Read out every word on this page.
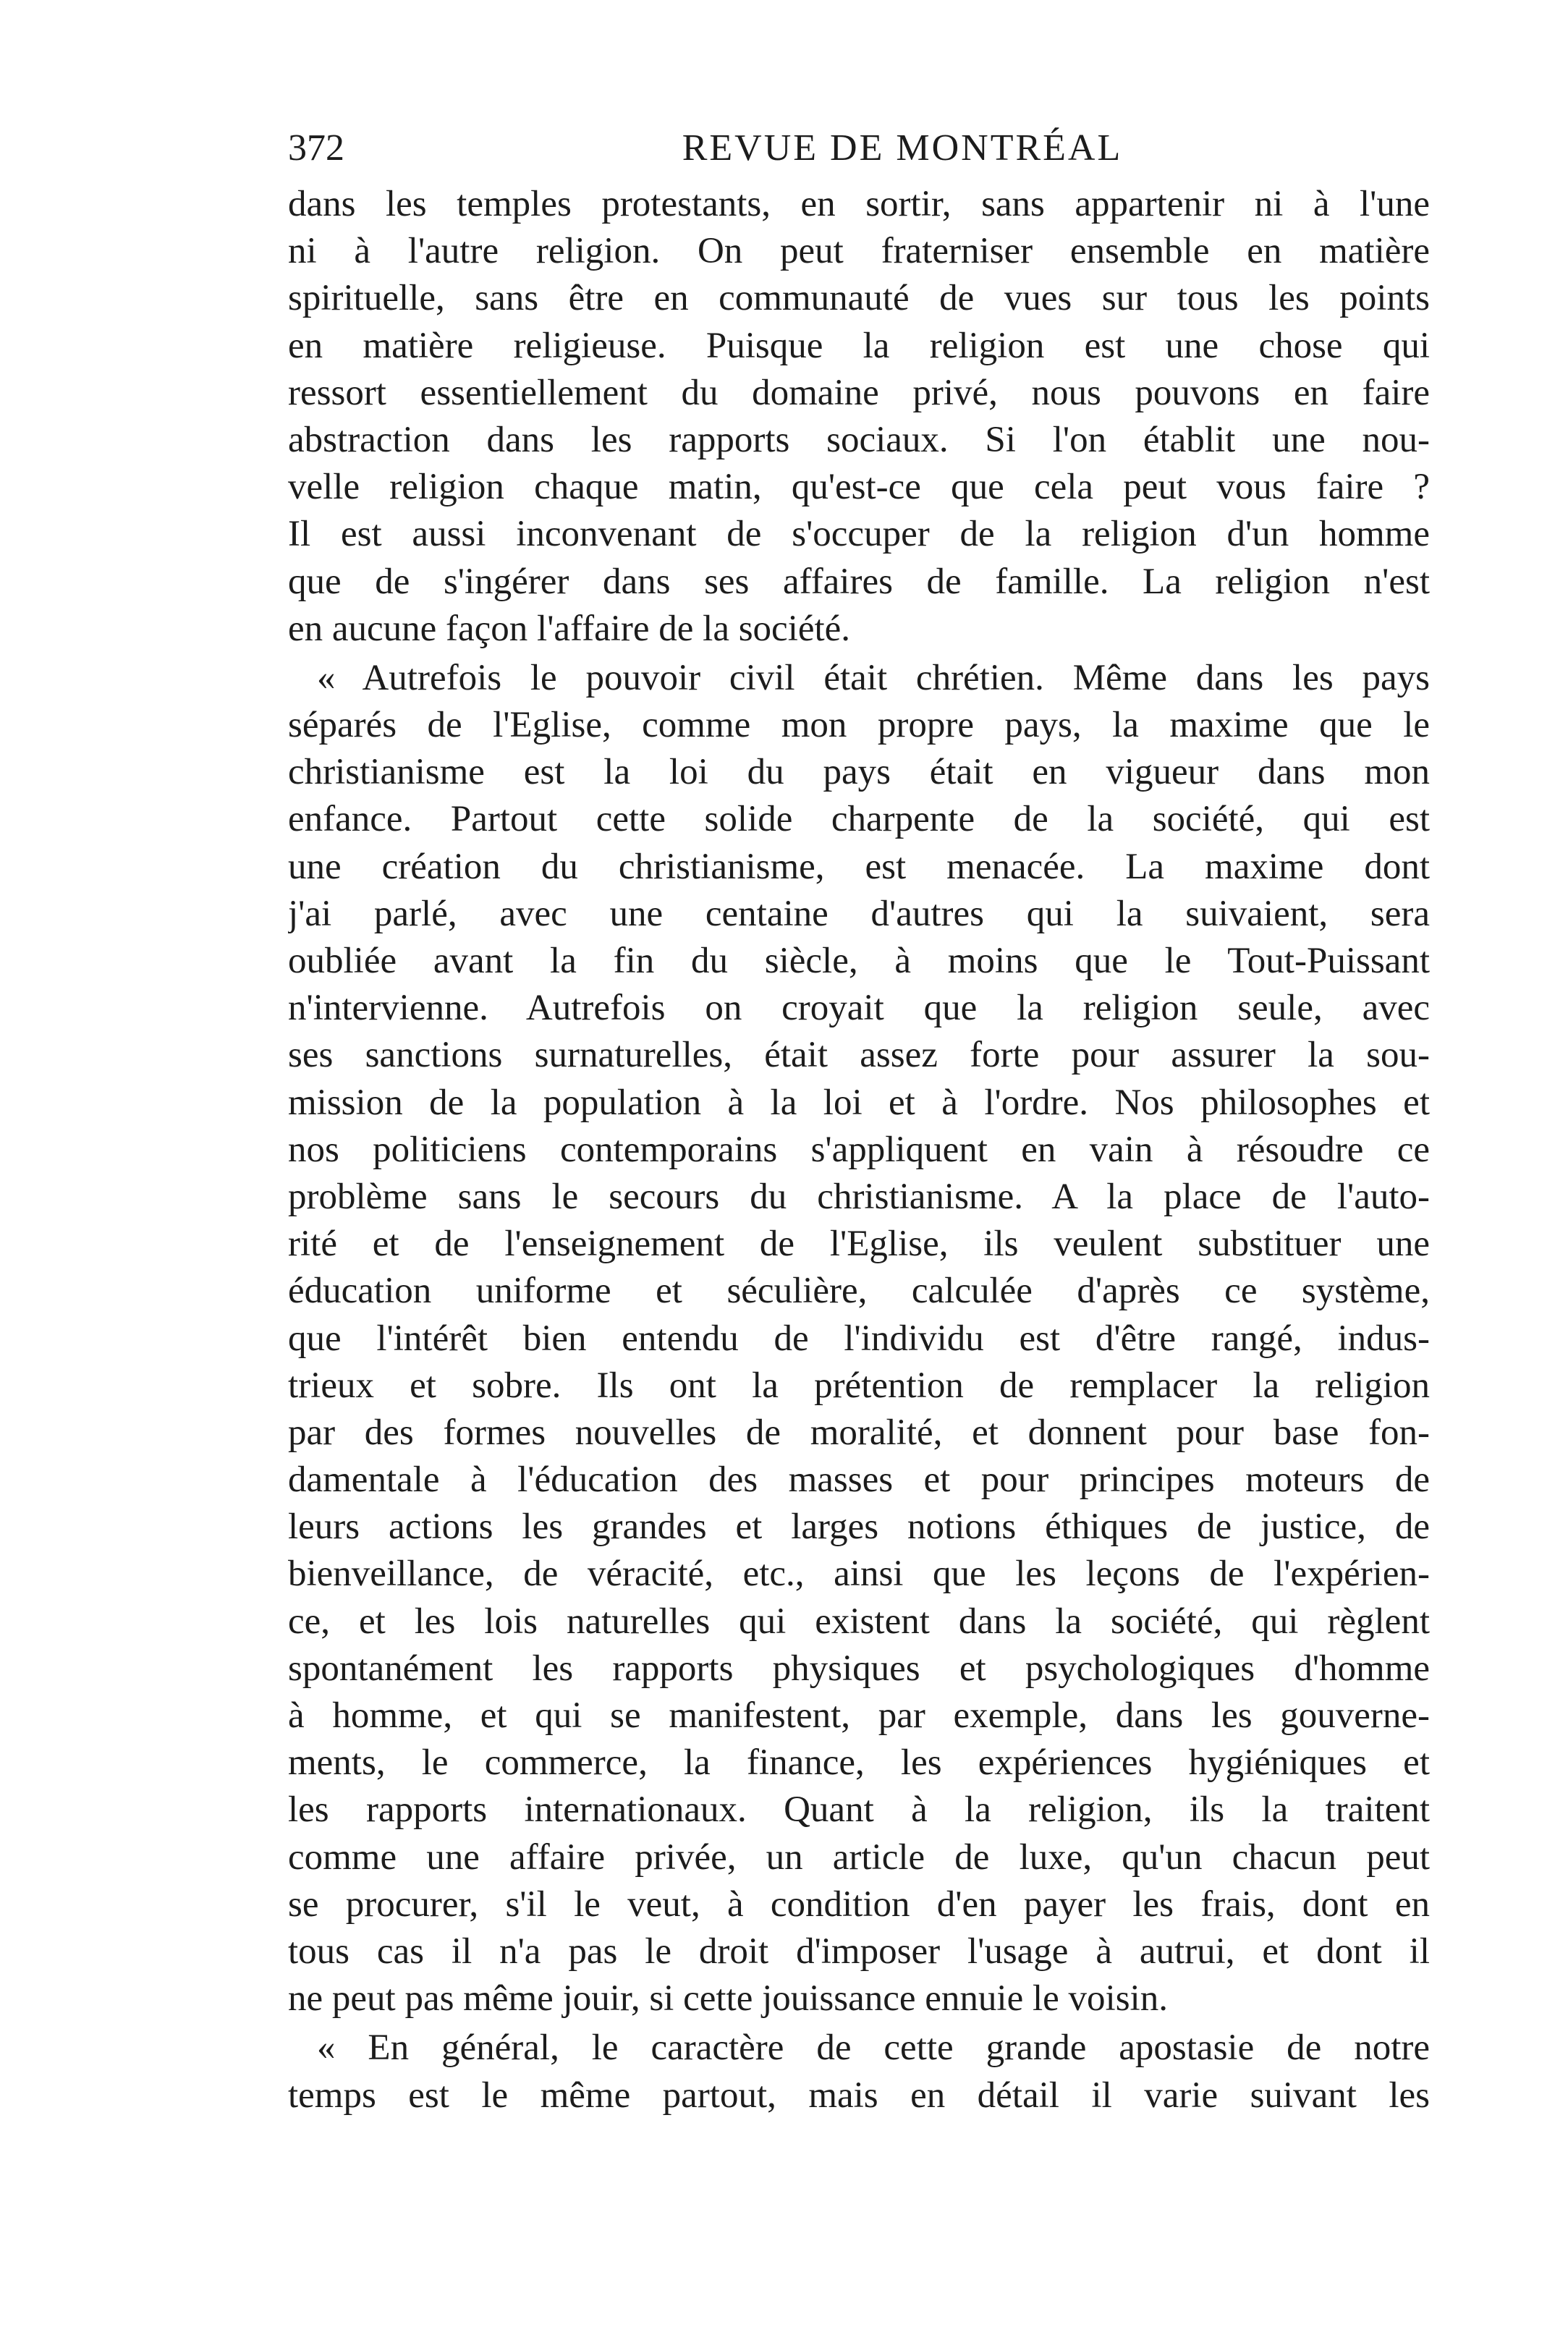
372	REVUE DE MONTRÉAL

dans les temples protestants, en sortir, sans appartenir ni à l'une
ni à l'autre religion. On peut fraterniser ensemble en matière
spirituelle, sans être en communauté de vues sur tous les points
en matière religieuse. Puisque la religion est une chose qui
ressort essentiellement du domaine privé, nous pouvons en faire
abstraction dans les rapports sociaux. Si l'on établit une nou-
velle religion chaque matin, qu'est-ce que cela peut vous faire ?
Il est aussi inconvenant de s'occuper de la religion d'un homme
que de s'ingérer dans ses affaires de famille. La religion n'est
en aucune façon l'affaire de la société.

« Autrefois le pouvoir civil était chrétien. Même dans les pays
séparés de l'Eglise, comme mon propre pays, la maxime que le
christianisme est la loi du pays était en vigueur dans mon
enfance. Partout cette solide charpente de la société, qui est
une création du christianisme, est menacée. La maxime dont
j'ai parlé, avec une centaine d'autres qui la suivaient, sera
oubliée avant la fin du siècle, à moins que le Tout-Puissant
n'intervienne. Autrefois on croyait que la religion seule, avec
ses sanctions surnaturelles, était assez forte pour assurer la sou-
mission de la population à la loi et à l'ordre. Nos philosophes et
nos politiciens contemporains s'appliquent en vain à résoudre ce
problème sans le secours du christianisme. A la place de l'auto-
rité et de l'enseignement de l'Eglise, ils veulent substituer une
éducation uniforme et séculière, calculée d'après ce système,
que l'intérêt bien entendu de l'individu est d'être rangé, indus-
trieux et sobre. Ils ont la prétention de remplacer la religion
par des formes nouvelles de moralité, et donnent pour base fon-
damentale à l'éducation des masses et pour principes moteurs de
leurs actions les grandes et larges notions éthiques de justice, de
bienveillance, de véracité, etc., ainsi que les leçons de l'expérien-
ce, et les lois naturelles qui existent dans la société, qui règlent
spontanément les rapports physiques et psychologiques d'homme
à homme, et qui se manifestent, par exemple, dans les gouverne-
ments, le commerce, la finance, les expériences hygiéniques et
les rapports internationaux. Quant à la religion, ils la traitent
comme une affaire privée, un article de luxe, qu'un chacun peut
se procurer, s'il le veut, à condition d'en payer les frais, dont en
tous cas il n'a pas le droit d'imposer l'usage à autrui, et dont il
ne peut pas même jouir, si cette jouissance ennuie le voisin.

« En général, le caractère de cette grande apostasie de notre
temps est le même partout, mais en détail il varie suivant les
